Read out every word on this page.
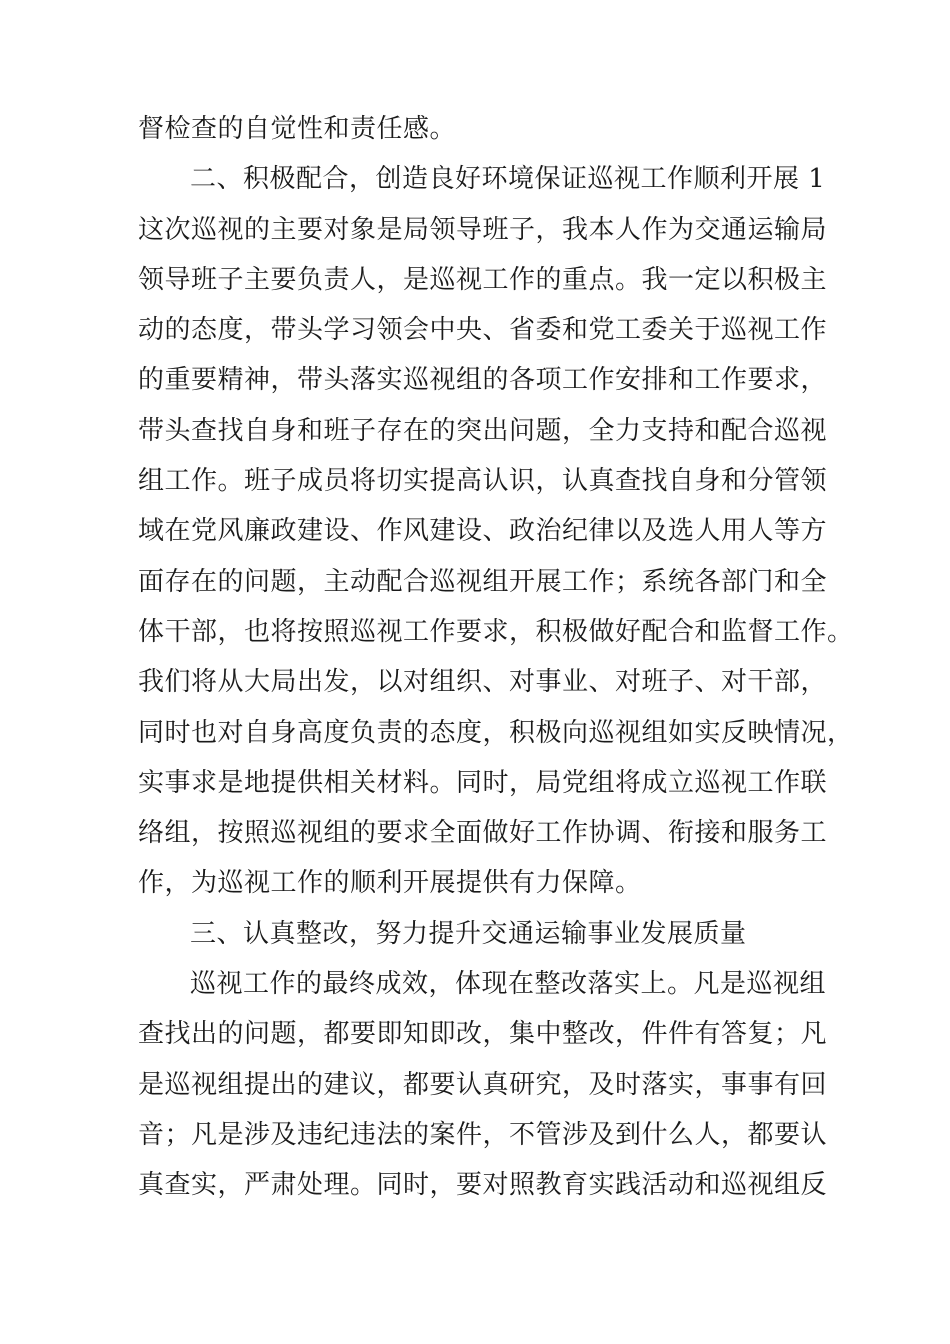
督检查的自觉性和责任感。
二、积极配合，创造良好环境保证巡视工作顺利开展 1
这次巡视的主要对象是局领导班子，我本人作为交通运输局
领导班子主要负责人，是巡视工作的重点。我一定以积极主
动的态度，带头学习领会中央、省委和党工委关于巡视工作
的重要精神，带头落实巡视组的各项工作安排和工作要求，
带头查找自身和班子存在的突出问题，全力支持和配合巡视
组工作。班子成员将切实提高认识，认真查找自身和分管领
域在党风廉政建设、作风建设、政治纪律以及选人用人等方
面存在的问题，主动配合巡视组开展工作；系统各部门和全
体干部，也将按照巡视工作要求，积极做好配合和监督工作。
我们将从大局出发，以对组织、对事业、对班子、对干部，
同时也对自身高度负责的态度，积极向巡视组如实反映情况，
实事求是地提供相关材料。同时，局党组将成立巡视工作联
络组，按照巡视组的要求全面做好工作协调、衔接和服务工
作，为巡视工作的顺利开展提供有力保障。
三、认真整改，努力提升交通运输事业发展质量
巡视工作的最终成效，体现在整改落实上。凡是巡视组
查找出的问题，都要即知即改，集中整改，件件有答复；凡
是巡视组提出的建议，都要认真研究，及时落实，事事有回
音；凡是涉及违纪违法的案件，不管涉及到什么人，都要认
真查实，严肃处理。同时，要对照教育实践活动和巡视组反
